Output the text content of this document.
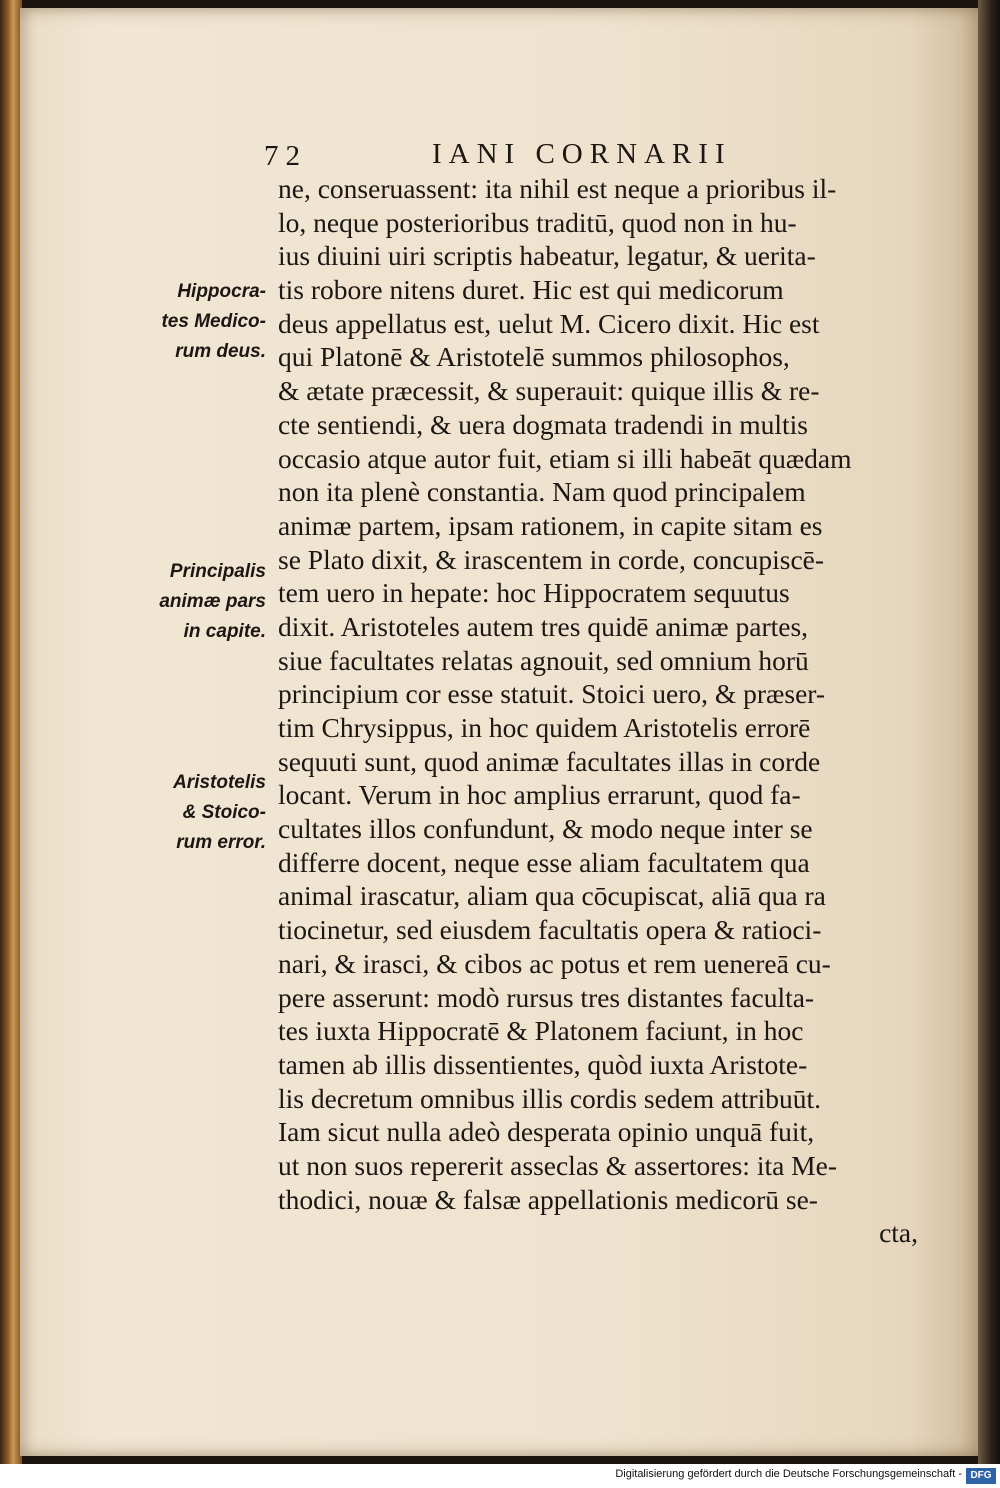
72	IANI CORNARII
Hippocra-
tes Medico-
rum deus.
Principalis
animæ pars
in capite.
Aristotelis
& Stoico-
rum error.
ne, conseruassent: ita nihil est neque a prioribus il-
lo, neque posterioribus traditū, quod non in hu-
ius diuini uiri scriptis habeatur, legatur, & uerita-
tis robore nitens duret. Hic est qui medicorum
deus appellatus est, uelut M. Cicero dixit. Hic est
qui Platonē & Aristotelē summos philosophos,
& ætate præcessit, & superauit: quique illis & re-
cte sentiendi, & uera dogmata tradendi in multis
occasio atque autor fuit, etiam si illi habeāt quædam
non ita plenè constantia. Nam quod principalem
animæ partem, ipsam rationem, in capite sitam es
se Plato dixit, & irascentem in corde, concupiscē-
tem uero in hepate: hoc Hippocratem sequutus
dixit. Aristoteles autem tres quidē animæ partes,
siue facultates relatas agnouit, sed omnium horū
principium cor esse statuit. Stoici uero, & præser-
tim Chrysippus, in hoc quidem Aristotelis errorē
sequuti sunt, quod animæ facultates illas in corde
locant. Verum in hoc amplius errarunt, quod fa-
cultates illos confundunt, & modo neque inter se
differre docent, neque esse aliam facultatem qua
animal irascatur, aliam qua cōcupiscat, aliā qua ra
tiocinetur, sed eiusdem facultatis opera & ratioci-
nari, & irasci, & cibos ac potus et rem uenereā cu-
pere asserunt: modò rursus tres distantes faculta-
tes iuxta Hippocratē & Platonem faciunt, in hoc
tamen ab illis dissentientes, quòd iuxta Aristote-
lis decretum omnibus illis cordis sedem attribuūt.
Iam sicut nulla adeò desperata opinio unquā fuit,
ut non suos repererit asseclas & assertores: ita Me-
thodici, nouæ & falsæ appellationis medicorū se-
cta,
Digitalisierung gefördert durch die Deutsche Forschungsgemeinschaft - DFG
